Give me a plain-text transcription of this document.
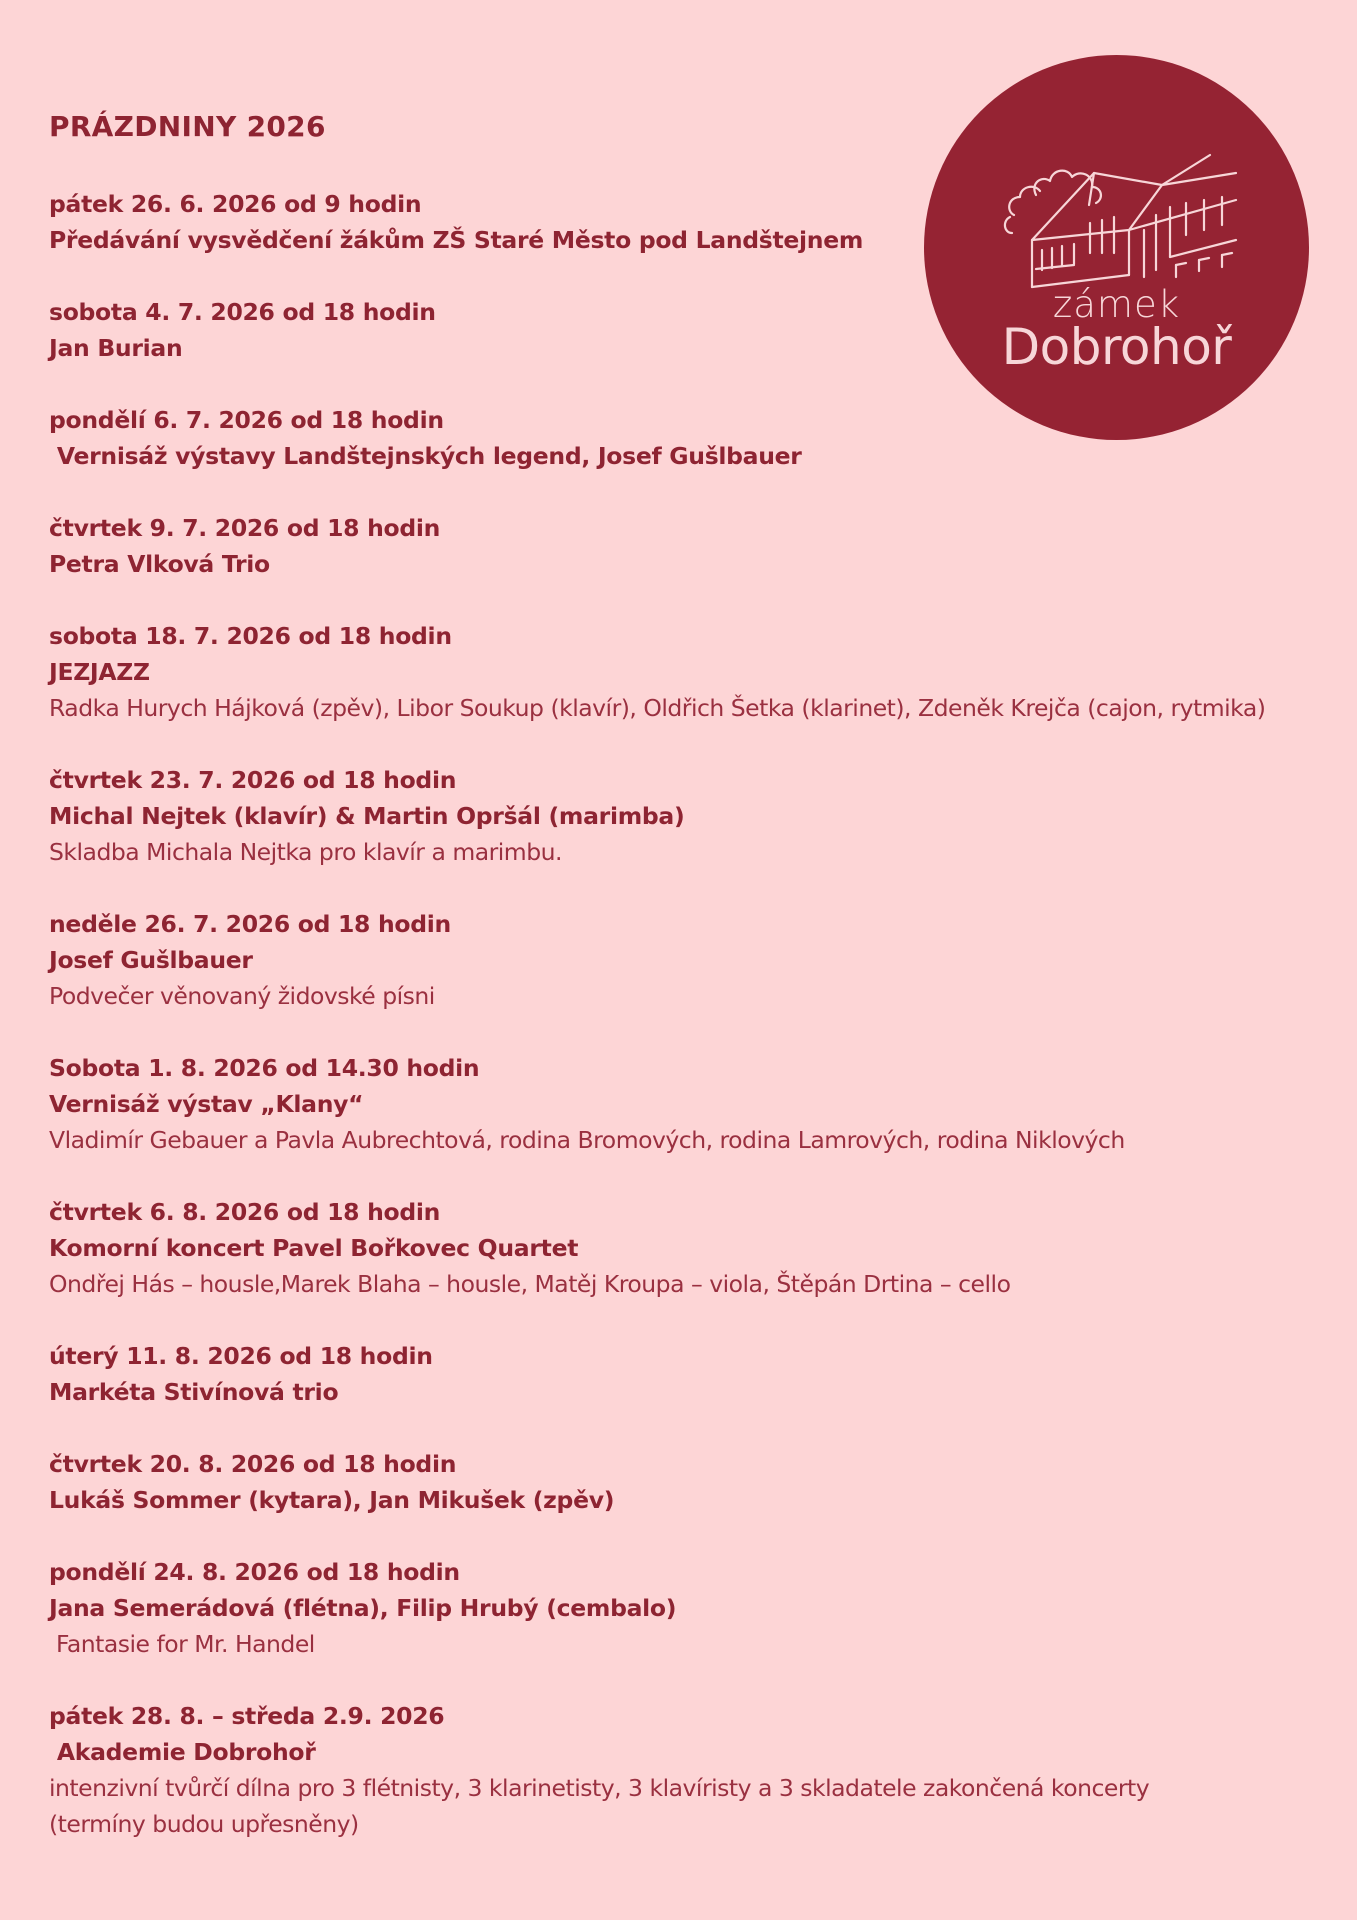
PRÁZDNINY 2026
pátek 26. 6. 2026 od 9 hodin
Předávání vysvědčení žákům ZŠ Staré Město pod Landštejnem
sobota 4. 7. 2026 od 18 hodin
Jan Burian
pondělí 6. 7. 2026 od 18 hodin
Vernisáž výstavy Landštejnských legend, Josef Gušlbauer
čtvrtek 9. 7. 2026 od 18 hodin
Petra Vlková Trio
sobota 18. 7. 2026 od 18 hodin
JEZJAZZ
Radka Hurych Hájková (zpěv), Libor Soukup (klavír), Oldřich Šetka (klarinet), Zdeněk Krejča (cajon, rytmika)
čtvrtek 23. 7. 2026 od 18 hodin
Michal Nejtek (klavír) & Martin Opršál (marimba)
Skladba Michala Nejtka pro klavír a marimbu.
neděle 26. 7. 2026 od 18 hodin
Josef Gušlbauer
Podvečer věnovaný židovské písni
Sobota 1. 8. 2026 od 14.30 hodin
Vernisáž výstav „Klany“
Vladimír Gebauer a Pavla Aubrechtová, rodina Bromových, rodina Lamrových, rodina Niklových
čtvrtek 6. 8. 2026 od 18 hodin
Komorní koncert Pavel Bořkovec Quartet
Ondřej Hás – housle,Marek Blaha – housle, Matěj Kroupa – viola, Štěpán Drtina – cello
úterý 11. 8. 2026 od 18 hodin
Markéta Stivínová trio
čtvrtek 20. 8. 2026 od 18 hodin
Lukáš Sommer (kytara), Jan Mikušek (zpěv)
pondělí 24. 8. 2026 od 18 hodin
Jana Semerádová (flétna), Filip Hrubý (cembalo)
Fantasie for Mr. Handel
pátek 28. 8. – středa 2.9. 2026
Akademie Dobrohoř
intenzivní tvůrčí dílna pro 3 flétnisty, 3 klarinetisty, 3 klavíristy a 3 skladatele zakončená koncerty
(termíny budou upřesněny)
zámek
Dobrohoř
